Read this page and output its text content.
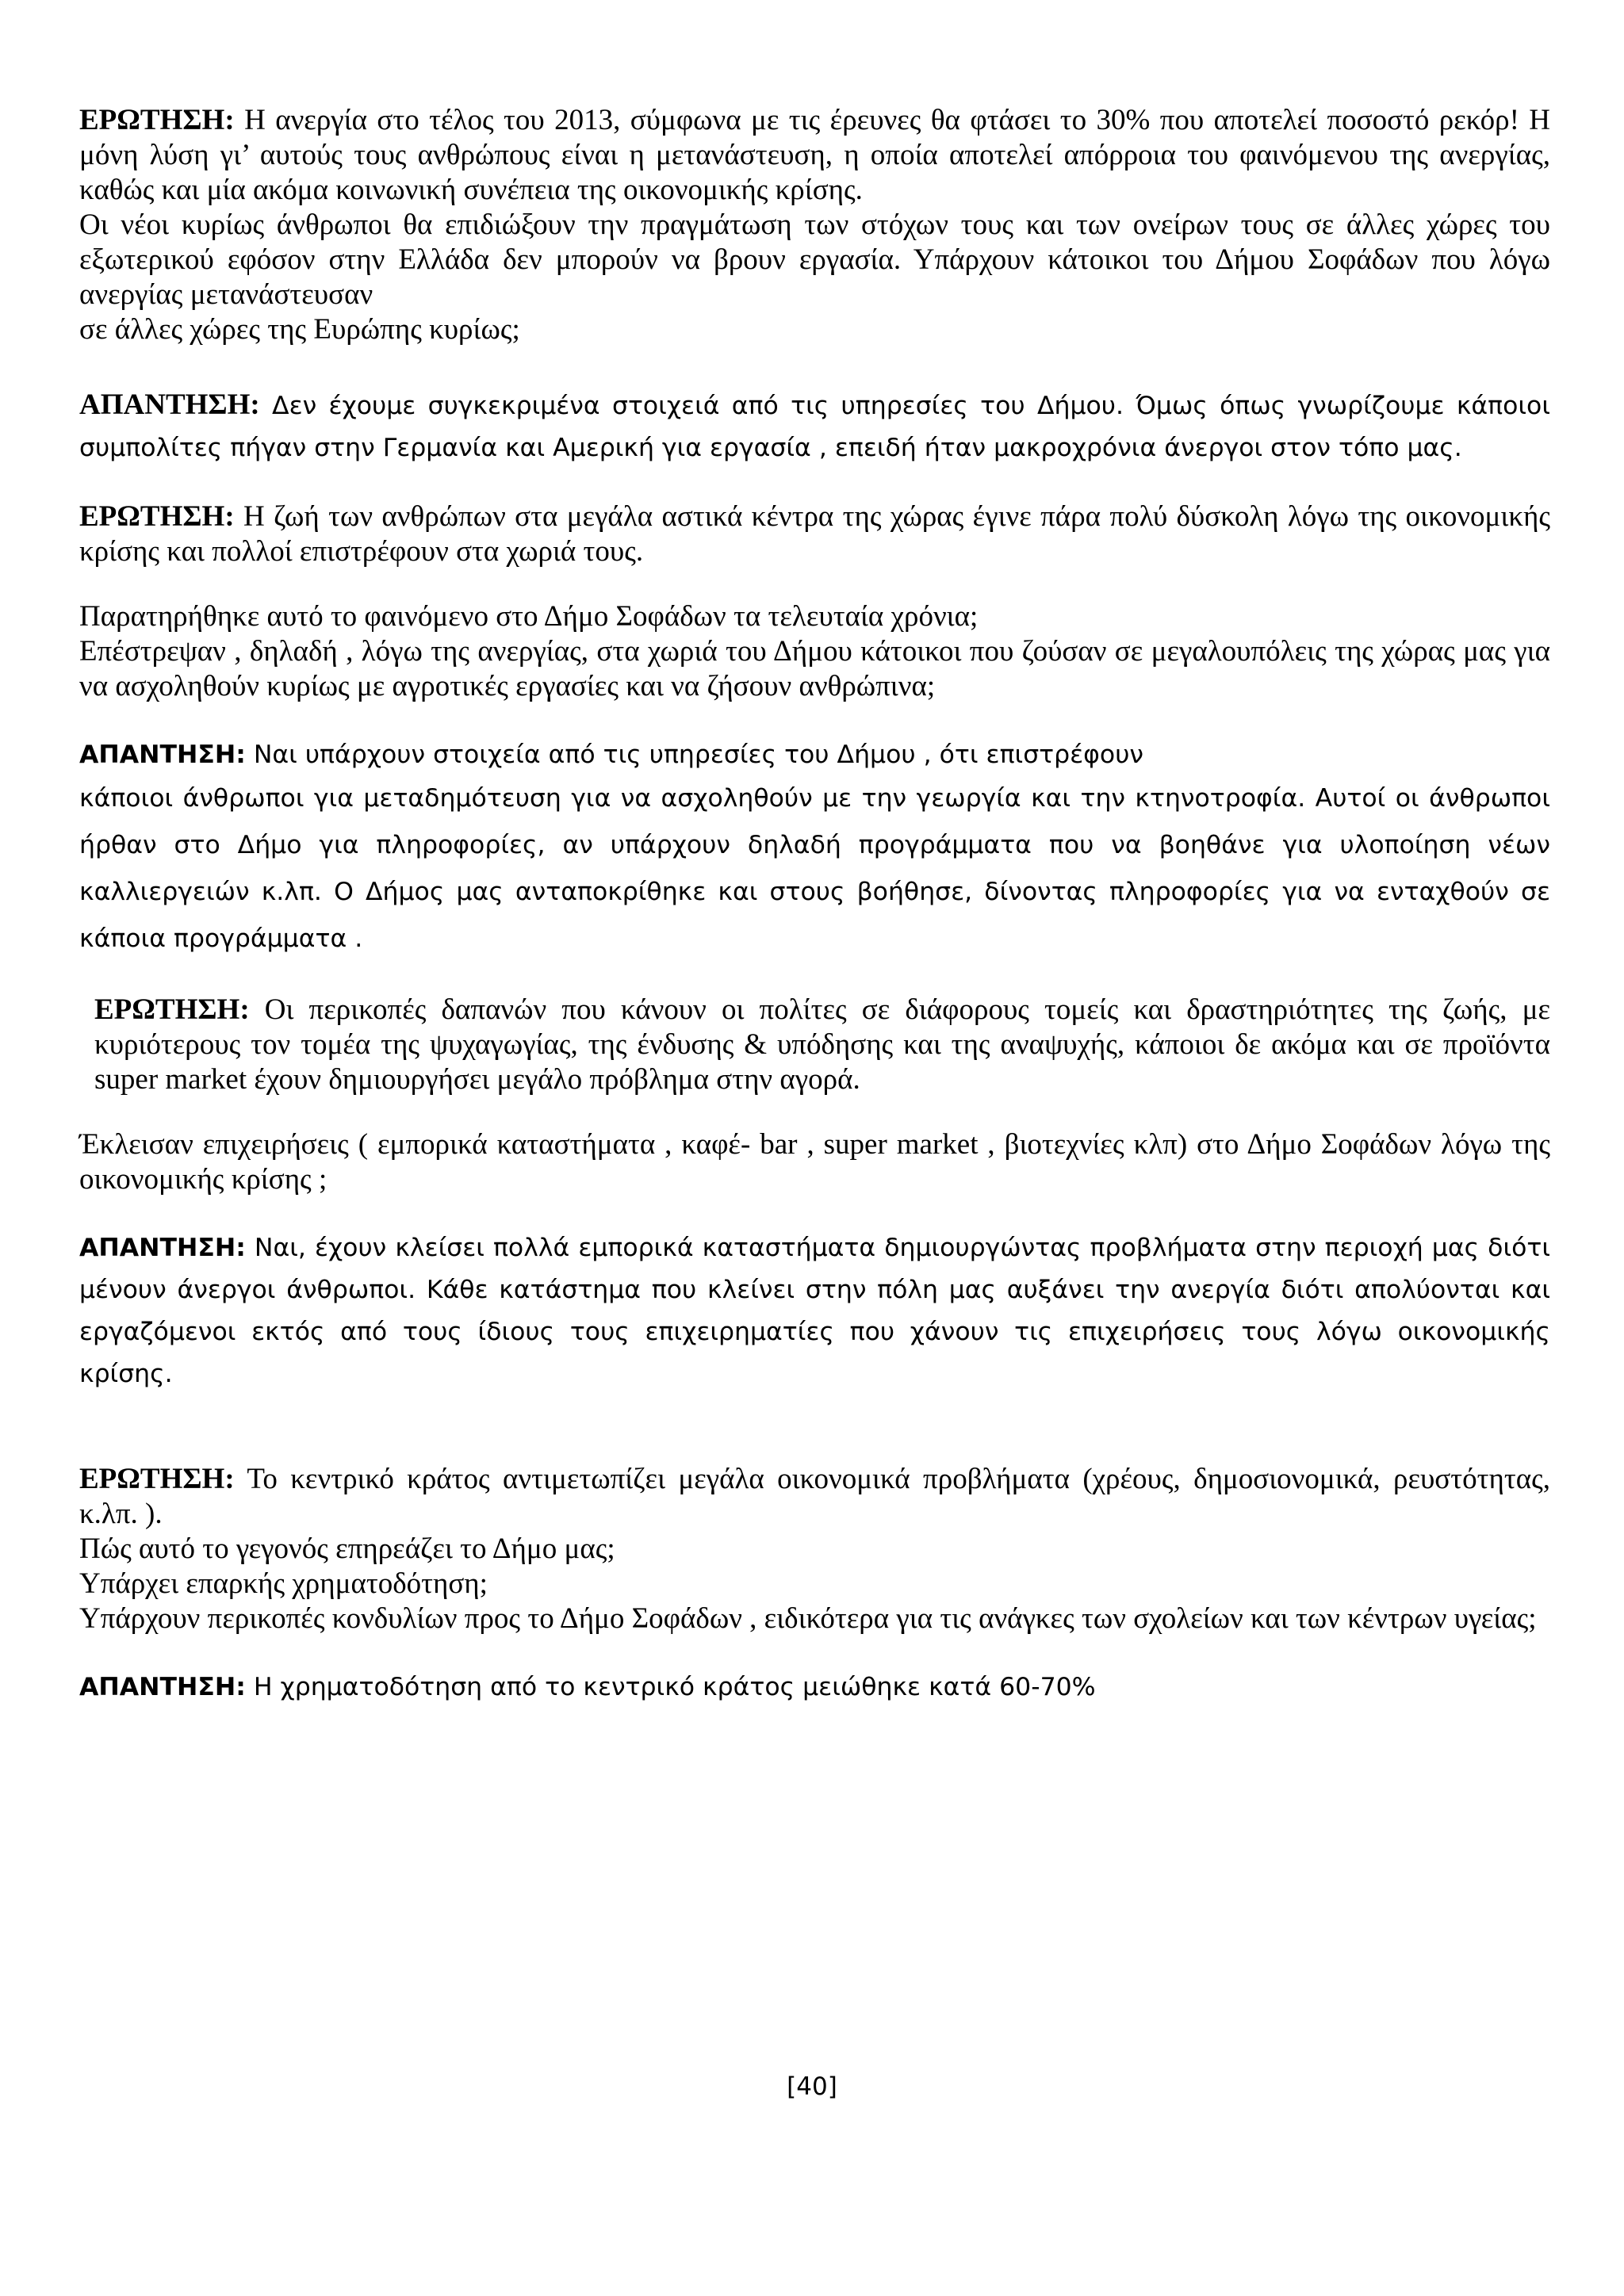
ΕΡΩΤΗΣΗ: Η ανεργία στο τέλος του 2013, σύμφωνα με τις έρευνες θα φτάσει το 30% που αποτελεί ποσοστό ρεκόρ! Η μόνη λύση γι’ αυτούς τους ανθρώπους είναι η μετανάστευση, η οποία αποτελεί απόρροια του φαινόμενου της ανεργίας, καθώς και μία ακόμα κοινωνική συνέπεια της οικονομικής κρίσης.
Οι νέοι κυρίως άνθρωποι θα επιδιώξουν την πραγμάτωση των στόχων τους και των ονείρων τους σε άλλες χώρες του εξωτερικού εφόσον στην Ελλάδα δεν μπορούν να βρουν εργασία. Υπάρχουν κάτοικοι του Δήμου Σοφάδων που λόγω ανεργίας μετανάστευσαν
σε άλλες χώρες της Ευρώπης κυρίως;
ΑΠΑΝΤΗΣΗ: Δεν έχουμε συγκεκριμένα στοιχειά από τις υπηρεσίες του Δήμου. Όμως όπως γνωρίζουμε κάποιοι συμπολίτες πήγαν στην Γερμανία και Αμερική για εργασία , επειδή ήταν μακροχρόνια άνεργοι στον τόπο μας.
ΕΡΩΤΗΣΗ: Η ζωή των ανθρώπων στα μεγάλα αστικά κέντρα της χώρας έγινε πάρα πολύ δύσκολη λόγω της οικονομικής κρίσης και πολλοί επιστρέφουν στα χωριά τους.
Παρατηρήθηκε αυτό το φαινόμενο στο Δήμο Σοφάδων τα τελευταία χρόνια;
Επέστρεψαν , δηλαδή , λόγω της ανεργίας, στα χωριά του Δήμου κάτοικοι που ζούσαν σε μεγαλουπόλεις της χώρας μας για να ασχοληθούν κυρίως με αγροτικές εργασίες και να ζήσουν ανθρώπινα;
ΑΠΑΝΤΗΣΗ: Ναι υπάρχουν στοιχεία από τις υπηρεσίες του Δήμου , ότι επιστρέφουν
κάποιοι άνθρωποι για μεταδημότευση για να ασχοληθούν με την γεωργία και την κτηνοτροφία. Αυτοί οι άνθρωποι ήρθαν στο Δήμο για πληροφορίες, αν υπάρχουν δηλαδή προγράμματα που να βοηθάνε για υλοποίηση νέων καλλιεργειών κ.λπ. Ο Δήμος μας ανταποκρίθηκε και στους βοήθησε, δίνοντας πληροφορίες για να ενταχθούν σε κάποια προγράμματα .
ΕΡΩΤΗΣΗ: Οι περικοπές δαπανών που κάνουν οι πολίτες σε διάφορους τομείς και δραστηριότητες της ζωής, με κυριότερους τον τομέα της ψυχαγωγίας, της ένδυσης & υπόδησης και της αναψυχής, κάποιοι δε ακόμα και σε προϊόντα super market έχουν δημιουργήσει μεγάλο πρόβλημα στην αγορά.
Έκλεισαν επιχειρήσεις ( εμπορικά καταστήματα , καφέ- bar , super market , βιοτεχνίες κλπ) στο Δήμο Σοφάδων λόγω της οικονομικής κρίσης ;
ΑΠΑΝΤΗΣΗ: Ναι, έχουν κλείσει πολλά εμπορικά καταστήματα δημιουργώντας προβλήματα στην περιοχή μας διότι μένουν άνεργοι άνθρωποι. Κάθε κατάστημα που κλείνει στην πόλη μας αυξάνει την ανεργία διότι απολύονται και εργαζόμενοι εκτός από τους ίδιους τους επιχειρηματίες που χάνουν τις επιχειρήσεις τους λόγω οικονομικής κρίσης.
ΕΡΩΤΗΣΗ: Το κεντρικό κράτος αντιμετωπίζει μεγάλα οικονομικά προβλήματα (χρέους, δημοσιονομικά, ρευστότητας, κ.λπ. ).
Πώς αυτό το γεγονός επηρεάζει το Δήμο μας;
Υπάρχει επαρκής χρηματοδότηση;
Υπάρχουν περικοπές κονδυλίων προς το Δήμο Σοφάδων , ειδικότερα για τις ανάγκες των σχολείων και των κέντρων υγείας;
ΑΠΑΝΤΗΣΗ: Η χρηματοδότηση από το κεντρικό κράτος μειώθηκε κατά 60-70%
[40]
